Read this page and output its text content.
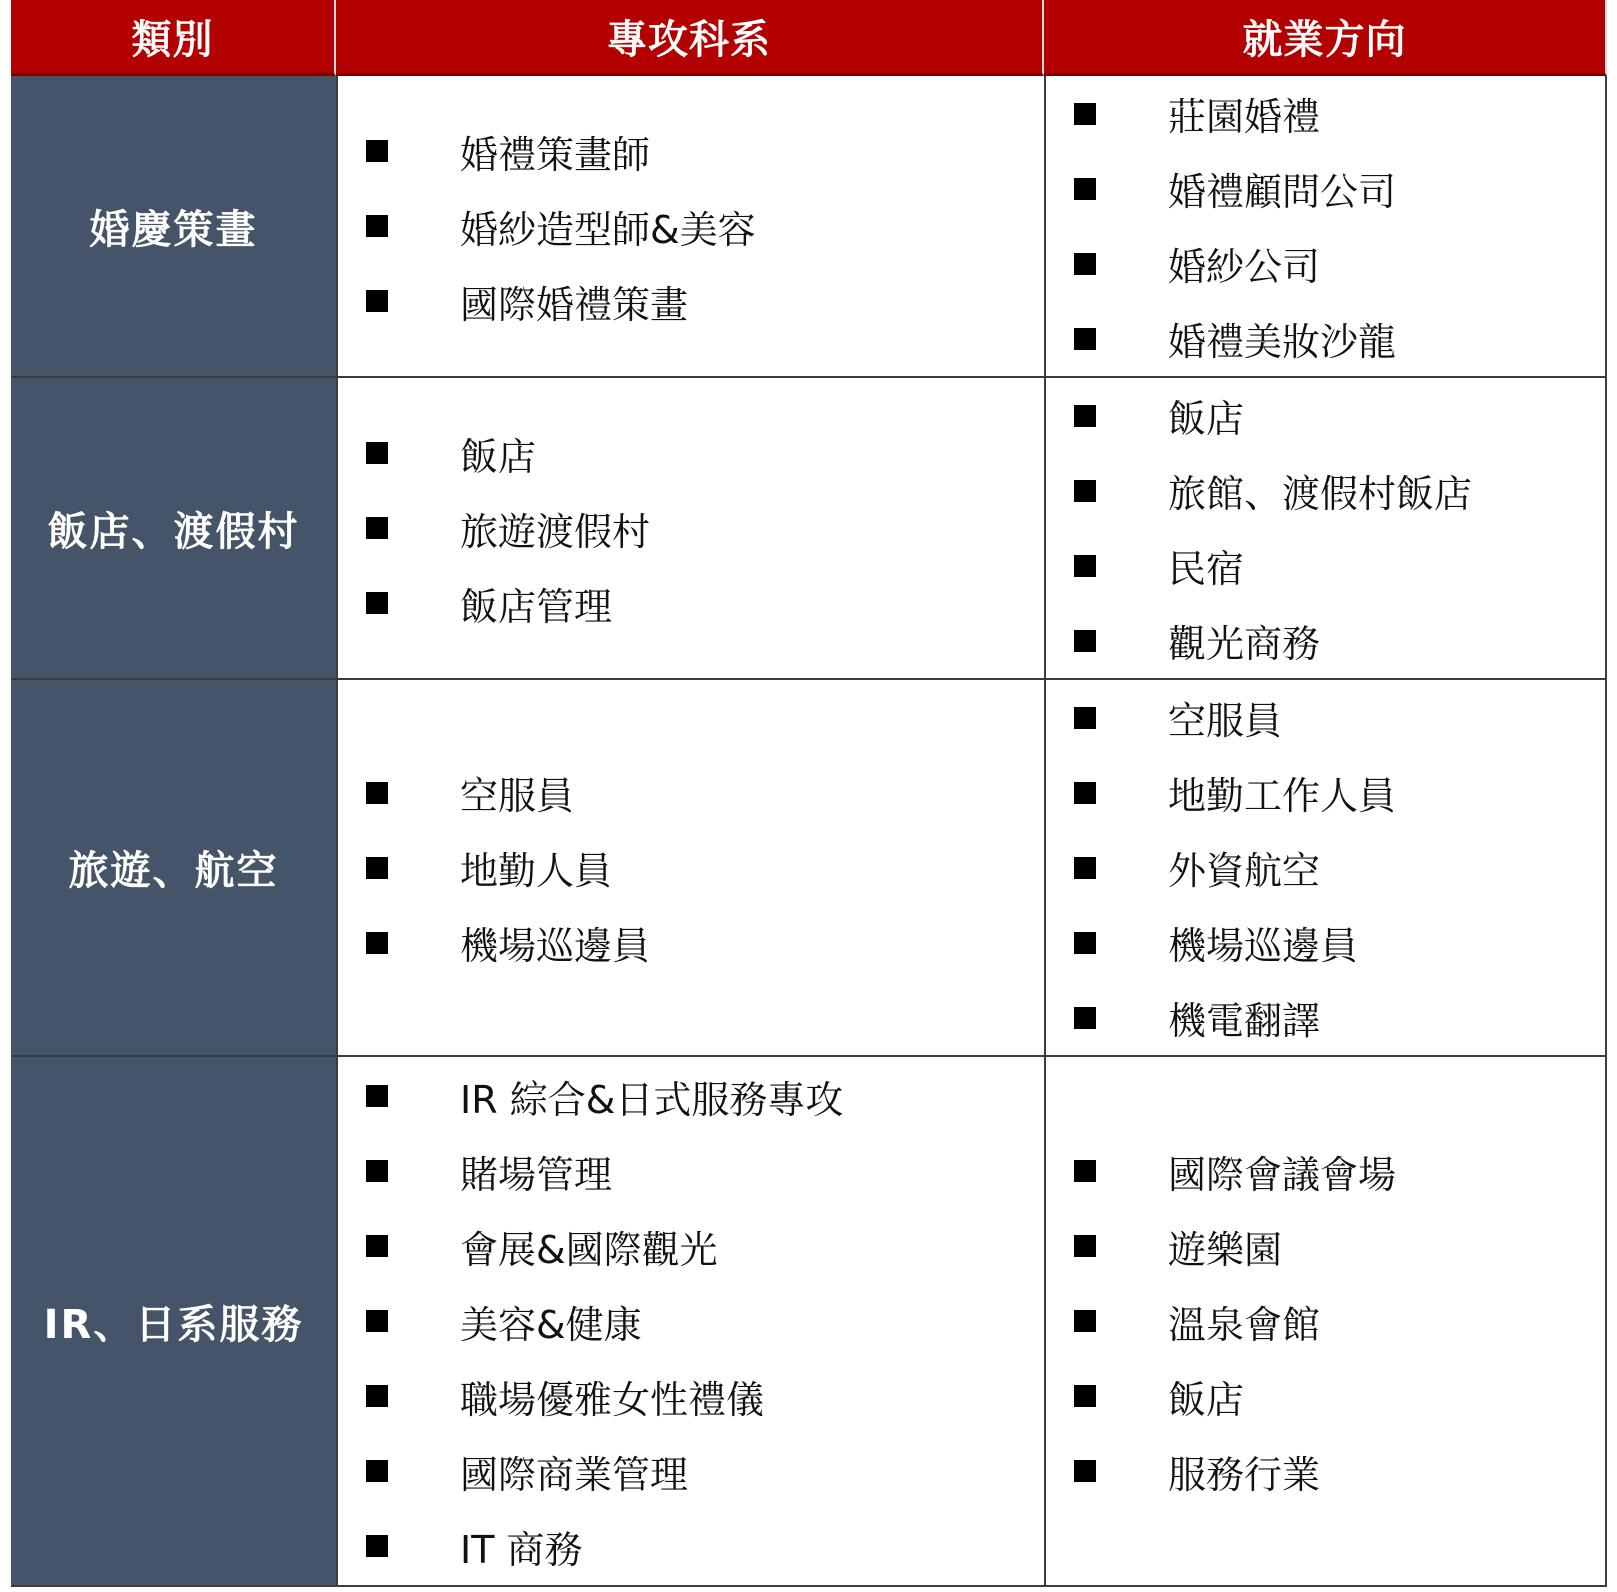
類別	專攻科系	就業方向
婚慶策畫
婚禮策畫師
婚紗造型師&美容
國際婚禮策畫
莊園婚禮
婚禮顧問公司
婚紗公司
婚禮美妝沙龍
飯店、渡假村
飯店
旅遊渡假村
飯店管理
飯店
旅館、渡假村飯店
民宿
觀光商務
旅遊、航空
空服員
地勤人員
機場巡邊員
空服員
地勤工作人員
外資航空
機場巡邊員
機電翻譯
IR、日系服務
IR 綜合&日式服務專攻
賭場管理
會展&國際觀光
美容&健康
職場優雅女性禮儀
國際商業管理
IT 商務
國際會議會場
遊樂園
溫泉會館
飯店
服務行業
